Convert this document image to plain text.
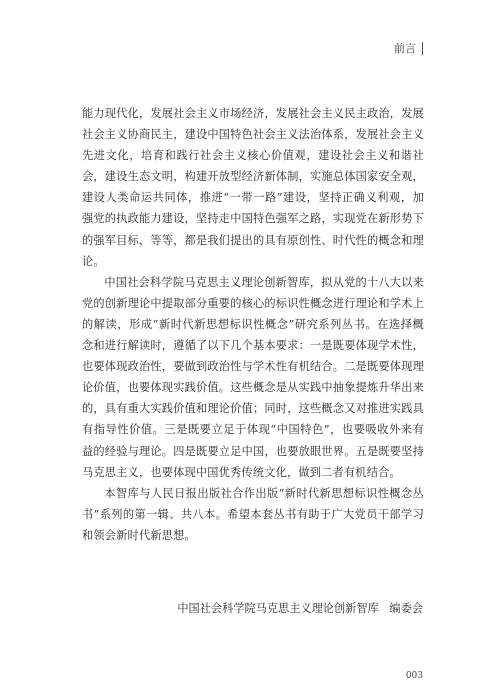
前言

能力现代化，发展社会主义市场经济，发展社会主义民主政治，发展社会主义协商民主，建设中国特色社会主义法治体系，发展社会主义先进文化，培育和践行社会主义核心价值观，建设社会主义和谐社会，建设生态文明，构建开放型经济新体制，实施总体国家安全观，建设人类命运共同体，推进“一带一路”建设，坚持正确义利观，加强党的执政能力建设，坚持走中国特色强军之路，实现党在新形势下的强军目标，等等，都是我们提出的具有原创性、时代性的概念和理论。

中国社会科学院马克思主义理论创新智库，拟从党的十八大以来党的创新理论中提取部分重要的核心的标识性概念进行理论和学术上的解读，形成“新时代新思想标识性概念”研究系列丛书。在选择概念和进行解读时，遵循了以下几个基本要求：一是既要体现学术性，也要体现政治性，要做到政治性与学术性有机结合。二是既要体现理论价值，也要体现实践价值。这些概念是从实践中抽象提炼升华出来的，具有重大实践价值和理论价值；同时，这些概念又对推进实践具有指导性价值。三是既要立足于体现“中国特色”，也要吸收外来有益的经验与理论。四是既要立足中国，也要放眼世界。五是既要坚持马克思主义，也要体现中国优秀传统文化，做到二者有机结合。

本智库与人民日报出版社合作出版“新时代新思想标识性概念丛书”系列的第一辑、共八本。希望本套丛书有助于广大党员干部学习和领会新时代新思想。

中国社会科学院马克思主义理论创新智库 编委会
003
